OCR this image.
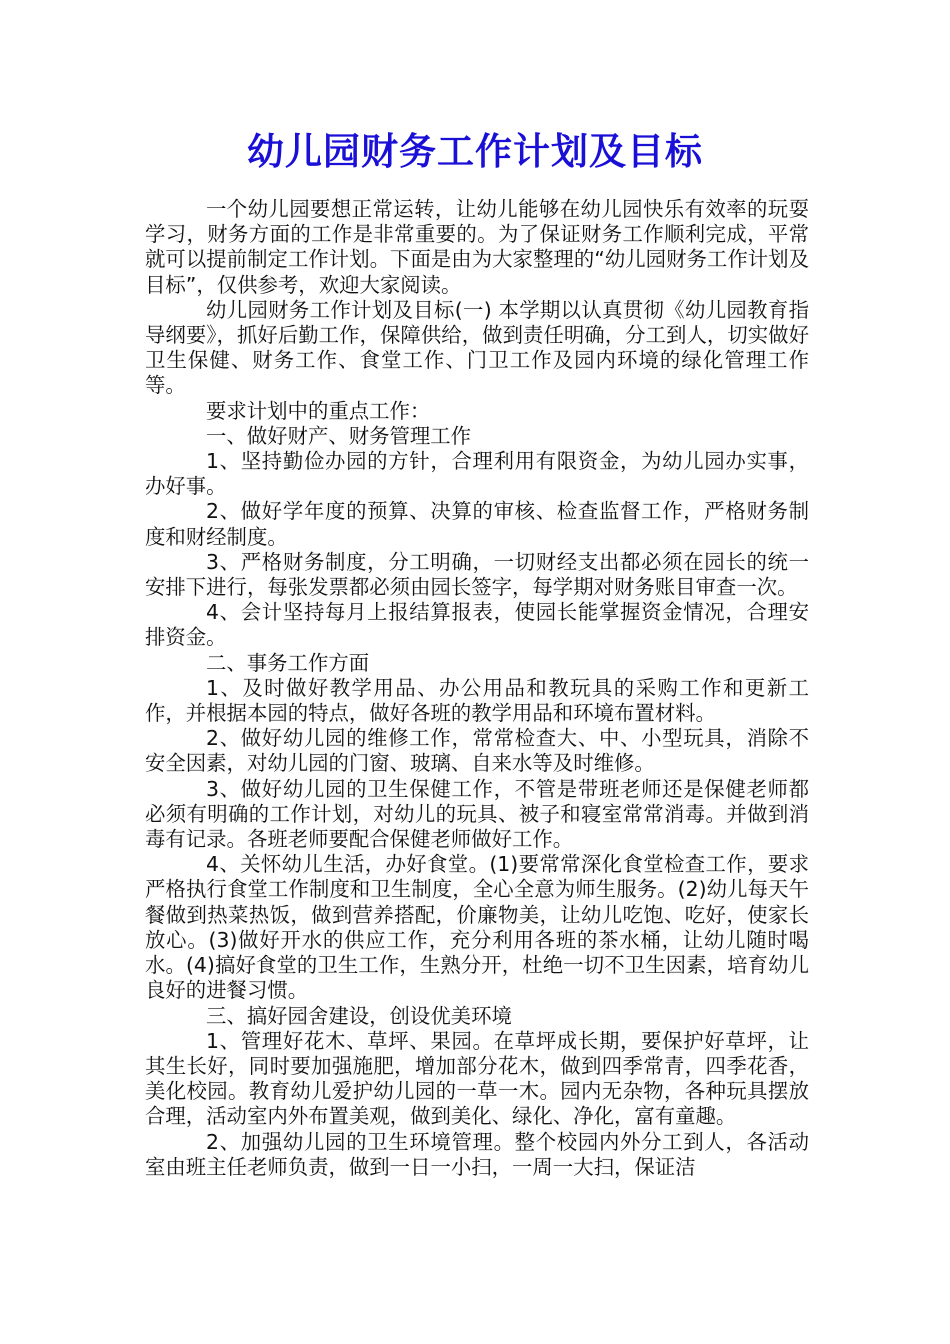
幼儿园财务工作计划及目标

一个幼儿园要想正常运转，让幼儿能够在幼儿园快乐有效率的玩耍学习，财务方面的工作是非常重要的。为了保证财务工作顺利完成，平常就可以提前制定工作计划。下面是由为大家整理的“幼儿园财务工作计划及目标”，仅供参考，欢迎大家阅读。

幼儿园财务工作计划及目标(一) 本学期以认真贯彻《幼儿园教育指导纲要》，抓好后勤工作，保障供给，做到责任明确，分工到人，切实做好卫生保健、财务工作、食堂工作、门卫工作及园内环境的绿化管理工作等。

要求计划中的重点工作：

一、做好财产、财务管理工作

1、坚持勤俭办园的方针，合理利用有限资金，为幼儿园办实事，办好事。

2、做好学年度的预算、决算的审核、检查监督工作，严格财务制度和财经制度。

3、严格财务制度，分工明确，一切财经支出都必须在园长的统一安排下进行，每张发票都必须由园长签字，每学期对财务账目审查一次。

4、会计坚持每月上报结算报表，使园长能掌握资金情况，合理安排资金。

二、事务工作方面

1、及时做好教学用品、办公用品和教玩具的采购工作和更新工作，并根据本园的特点，做好各班的教学用品和环境布置材料。

2、做好幼儿园的维修工作，常常检查大、中、小型玩具，消除不安全因素，对幼儿园的门窗、玻璃、自来水等及时维修。

3、做好幼儿园的卫生保健工作，不管是带班老师还是保健老师都必须有明确的工作计划，对幼儿的玩具、被子和寝室常常消毒。并做到消毒有记录。各班老师要配合保健老师做好工作。

4、关怀幼儿生活，办好食堂。(1)要常常深化食堂检查工作，要求严格执行食堂工作制度和卫生制度，全心全意为师生服务。(2)幼儿每天午餐做到热菜热饭，做到营养搭配，价廉物美，让幼儿吃饱、吃好，使家长放心。(3)做好开水的供应工作，充分利用各班的茶水桶，让幼儿随时喝水。(4)搞好食堂的卫生工作，生熟分开，杜绝一切不卫生因素，培育幼儿良好的进餐习惯。

三、搞好园舍建设，创设优美环境

1、管理好花木、草坪、果园。在草坪成长期，要保护好草坪，让其生长好，同时要加强施肥，增加部分花木，做到四季常青，四季花香，美化校园。教育幼儿爱护幼儿园的一草一木。园内无杂物，各种玩具摆放合理，活动室内外布置美观，做到美化、绿化、净化，富有童趣。

2、加强幼儿园的卫生环境管理。整个校园内外分工到人，各活动室由班主任老师负责，做到一日一小扫，一周一大扫，保证洁
